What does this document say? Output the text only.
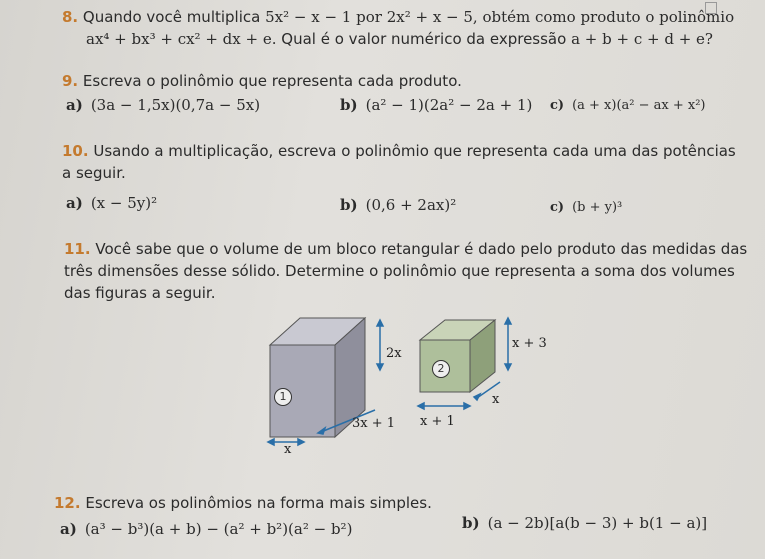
8. Quando você multiplica 5x² − x − 1 por 2x² + x − 5, obtém como produto o polinômio
ax⁴ + bx³ + cx² + dx + e. Qual é o valor numérico da expressão a + b + c + d + e?
9. Escreva o polinômio que representa cada produto.
a) (3a − 1,5x)(0,7a − 5x)	b) (a² − 1)(2a² − 2a + 1) c) (a + x)(a² − ax + x²)
10. Usando a multiplicação, escreva o polinômio que representa cada uma das potências
a seguir.
a) (x − 5y)²	b) (0,6 + 2ax)²	c) (b + y)³
11. Você sabe que o volume de um bloco retangular é dado pelo produto das medidas das
três dimensões desse sólido. Determine o polinômio que representa a soma dos volumes
das figuras a seguir.
2x
3x + 1
x
1
x + 3
x
x + 1
2
12. Escreva os polinômios na forma mais simples.
a) (a³ − b³)(a + b) − (a² + b²)(a² − b²)	b) (a − 2b)[a(b − 3) + b(1 − a)]
